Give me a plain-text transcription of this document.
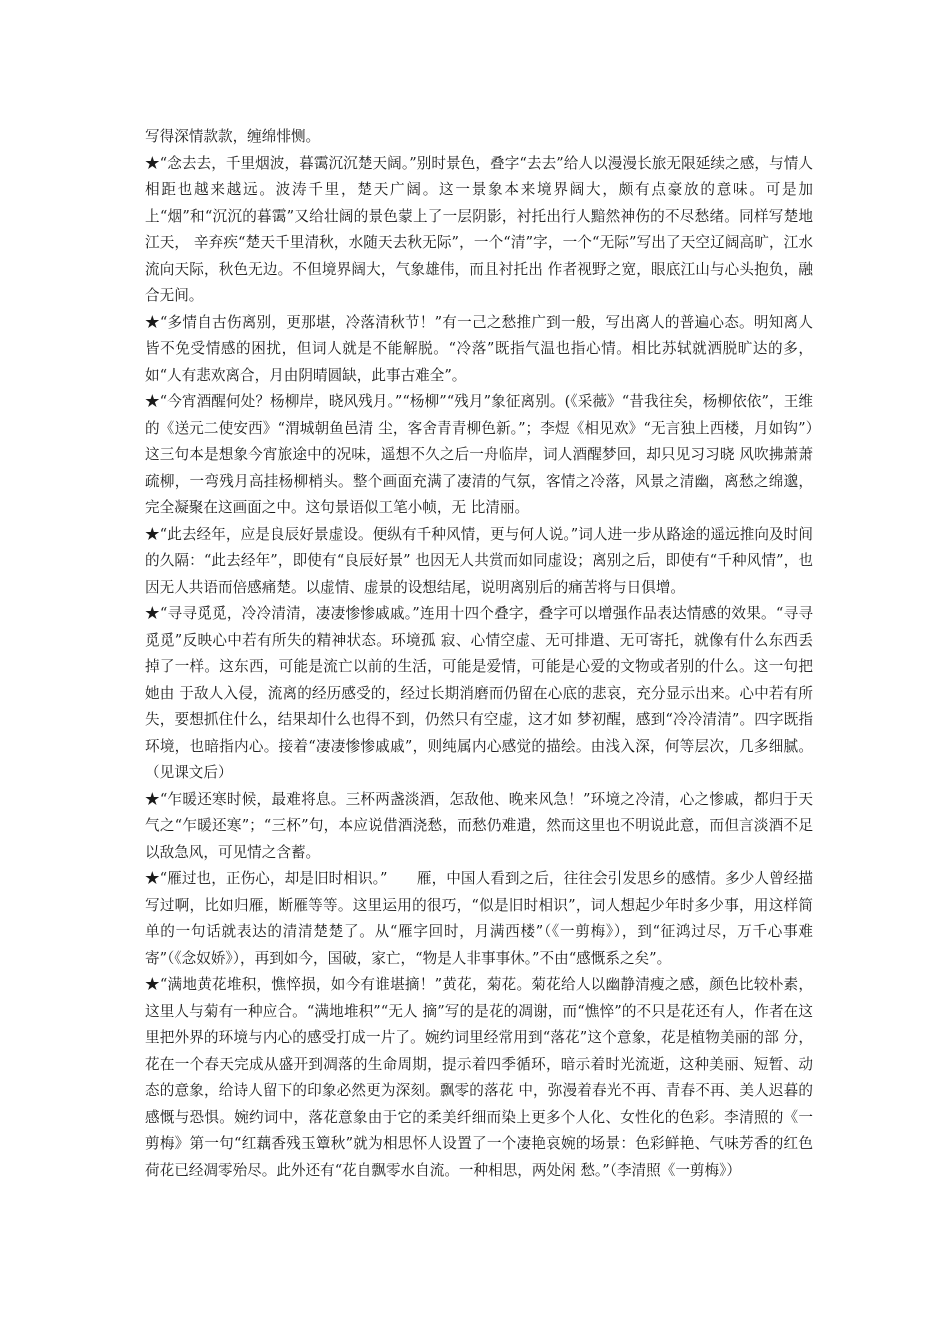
写得深情款款，缠绵悱恻。

★“念去去，千里烟波，暮霭沉沉楚天阔。”别时景色，叠字“去去”给人以漫漫长旅无限延续之感，与情人相距也越来越远。波涛千里，楚天广阔。这一景象本来境界阔大，颇有点豪放的意味。可是加上“烟”和“沉沉的暮霭”又给壮阔的景色蒙上了一层阴影，衬托出行人黯然神伤的不尽愁绪。同样写楚地江天， 辛弃疾“楚天千里清秋，水随天去秋无际”，一个“清”字，一个“无际”写出了天空辽阔高旷，江水流向天际，秋色无边。不但境界阔大，气象雄伟，而且衬托出 作者视野之宽，眼底江山与心头抱负，融合无间。

★“多情自古伤离别，更那堪，冷落清秋节！”有一己之愁推广到一般，写出离人的普遍心态。明知离人皆不免受情感的困扰，但词人就是不能解脱。“冷落”既指气温也指心情。相比苏轼就洒脱旷达的多，如“人有悲欢离合，月由阴晴圆缺，此事古难全”。

★“今宵酒醒何处？杨柳岸，晓风残月。”“杨柳”“残月”象征离别。(《采薇》“昔我往矣，杨柳依依”，王维的《送元二使安西》“渭城朝鱼邑清 尘，客舍青青柳色新。”；李煜《相见欢》“无言独上西楼，月如钩”）这三句本是想象今宵旅途中的况味，遥想不久之后一舟临岸，词人酒醒梦回，却只见习习晓 风吹拂萧萧疏柳，一弯残月高挂杨柳梢头。整个画面充满了凄清的气氛，客情之冷落，风景之清幽，离愁之绵邈，完全凝聚在这画面之中。这句景语似工笔小帧，无 比清丽。

★“此去经年，应是良辰好景虚设。便纵有千种风情，更与何人说。”词人进一步从路途的遥远推向及时间的久隔：“此去经年”，即使有“良辰好景” 也因无人共赏而如同虚设；离别之后，即使有“千种风情”，也因无人共语而倍感痛楚。以虚情、虚景的设想结尾，说明离别后的痛苦将与日俱增。

★“寻寻觅觅，冷冷清清，凄凄惨惨戚戚。”连用十四个叠字，叠字可以增强作品表达情感的效果。“寻寻觅觅”反映心中若有所失的精神状态。环境孤 寂、心情空虚、无可排遣、无可寄托，就像有什么东西丢掉了一样。这东西，可能是流亡以前的生活，可能是爱情，可能是心爱的文物或者别的什么。这一句把她由 于敌人入侵，流离的经历感受的，经过长期消磨而仍留在心底的悲哀，充分显示出来。心中若有所失，要想抓住什么，结果却什么也得不到，仍然只有空虚，这才如 梦初醒，感到“冷冷清清”。四字既指环境，也暗指内心。接着“凄凄惨惨戚戚”，则纯属内心感觉的描绘。由浅入深，何等层次，几多细腻。（见课文后）

★“乍暖还寒时候，最难将息。三杯两盏淡酒，怎敌他、晚来风急！”环境之冷清，心之惨戚，都归于天气之“乍暖还寒”；“三杯”句，本应说借酒浇愁，而愁仍难遣，然而这里也不明说此意，而但言淡酒不足以敌急风，可见情之含蓄。

★“雁过也，正伤心，却是旧时相识。”　　雁，中国人看到之后，往往会引发思乡的感情。多少人曾经描写过啊，比如归雁，断雁等等。这里运用的很巧，“似是旧时相识”，词人想起少年时多少事，用这样简单的一句话就表达的清清楚楚了。从“雁字回时，月满西楼”（《一剪梅》），到“征鸿过尽，万千心事难 寄”（《念奴娇》），再到如今，国破，家亡，“物是人非事事休。”不由“感慨系之矣”。

★“满地黄花堆积，憔悴损，如今有谁堪摘！”黄花，菊花。菊花给人以幽静清瘦之感，颜色比较朴素，这里人与菊有一种应合。“满地堆积”“无人 摘”写的是花的凋谢，而“憔悴”的不只是花还有人，作者在这里把外界的环境与内心的感受打成一片了。婉约词里经常用到“落花”这个意象，花是植物美丽的部 分，花在一个春天完成从盛开到凋落的生命周期，提示着四季循环，暗示着时光流逝，这种美丽、短暂、动态的意象，给诗人留下的印象必然更为深刻。飘零的落花 中，弥漫着春光不再、青春不再、美人迟暮的感慨与恐惧。婉约词中，落花意象由于它的柔美纤细而染上更多个人化、女性化的色彩。李清照的《一剪梅》第一句“红藕香残玉簟秋”就为相思怀人设置了一个凄艳哀婉的场景：色彩鲜艳、气味芳香的红色荷花已经凋零殆尽。此外还有“花自飘零水自流。一种相思，两处闲 愁。”（李清照《一剪梅》）
